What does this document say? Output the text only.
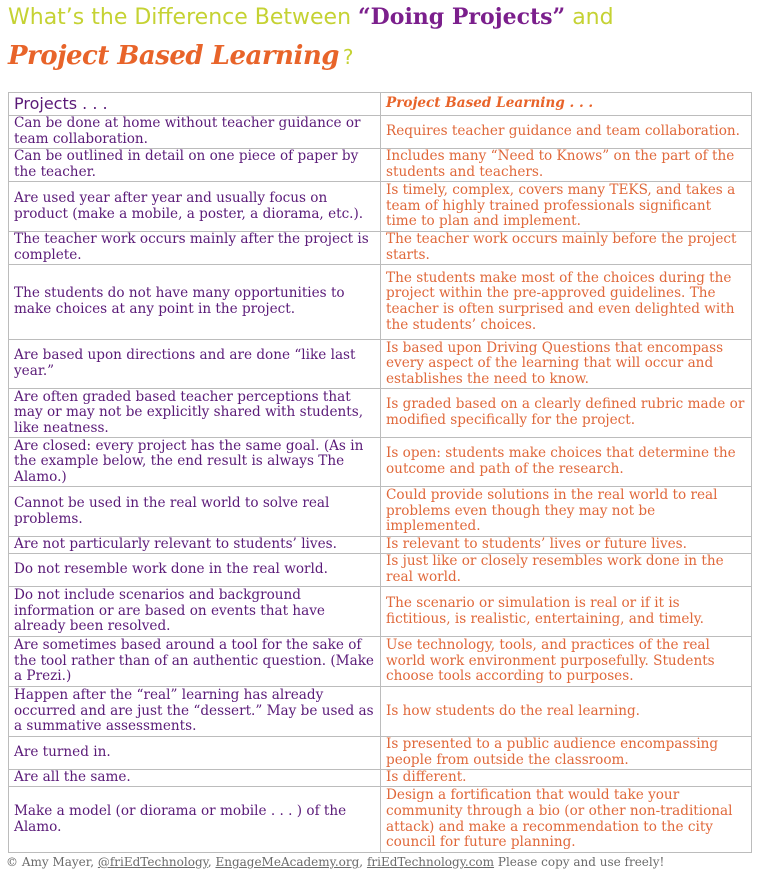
What’s the Difference Between “Doing Projects” and
Project Based Learning ?
Projects . . .	Project Based Learning . . .
Can be done at home without teacher guidance or team collaboration.	Requires teacher guidance and team collaboration.
Can be outlined in detail on one piece of paper by the teacher.	Includes many “Need to Knows” on the part of the students and teachers.
Are used year after year and usually focus on product (make a mobile, a poster, a diorama, etc.).	Is timely, complex, covers many TEKS, and takes a team of highly trained professionals significant time to plan and implement.
The teacher work occurs mainly after the project is complete.	The teacher work occurs mainly before the project starts.
The students do not have many opportunities to make choices at any point in the project.	The students make most of the choices during the project within the pre-approved guidelines. The teacher is often surprised and even delighted with the students’ choices.
Are based upon directions and are done “like last year.”	Is based upon Driving Questions that encompass every aspect of the learning that will occur and establishes the need to know.
Are often graded based teacher perceptions that may or may not be explicitly shared with students, like neatness.	Is graded based on a clearly defined rubric made or modified specifically for the project.
Are closed: every project has the same goal. (As in the example below, the end result is always The Alamo.)	Is open: students make choices that determine the outcome and path of the research.
Cannot be used in the real world to solve real problems.	Could provide solutions in the real world to real problems even though they may not be implemented.
Are not particularly relevant to students’ lives.	Is relevant to students’ lives or future lives.
Do not resemble work done in the real world.	Is just like or closely resembles work done in the real world.
Do not include scenarios and background information or are based on events that have already been resolved.	The scenario or simulation is real or if it is fictitious, is realistic, entertaining, and timely.
Are sometimes based around a tool for the sake of the tool rather than of an authentic question. (Make a Prezi.)	Use technology, tools, and practices of the real world work environment purposefully. Students choose tools according to purposes.
Happen after the “real” learning has already occurred and are just the “dessert.” May be used as a summative assessments.	Is how students do the real learning.
Are turned in.	Is presented to a public audience encompassing people from outside the classroom.
Are all the same.	Is different.
Make a model (or diorama or mobile . . . ) of the Alamo.	Design a fortification that would take your community through a bio (or other non-traditional attack) and make a recommendation to the city council for future planning.
© Amy Mayer, @friEdTechnology, EngageMeAcademy.org, friEdTechnology.com Please copy and use freely!
